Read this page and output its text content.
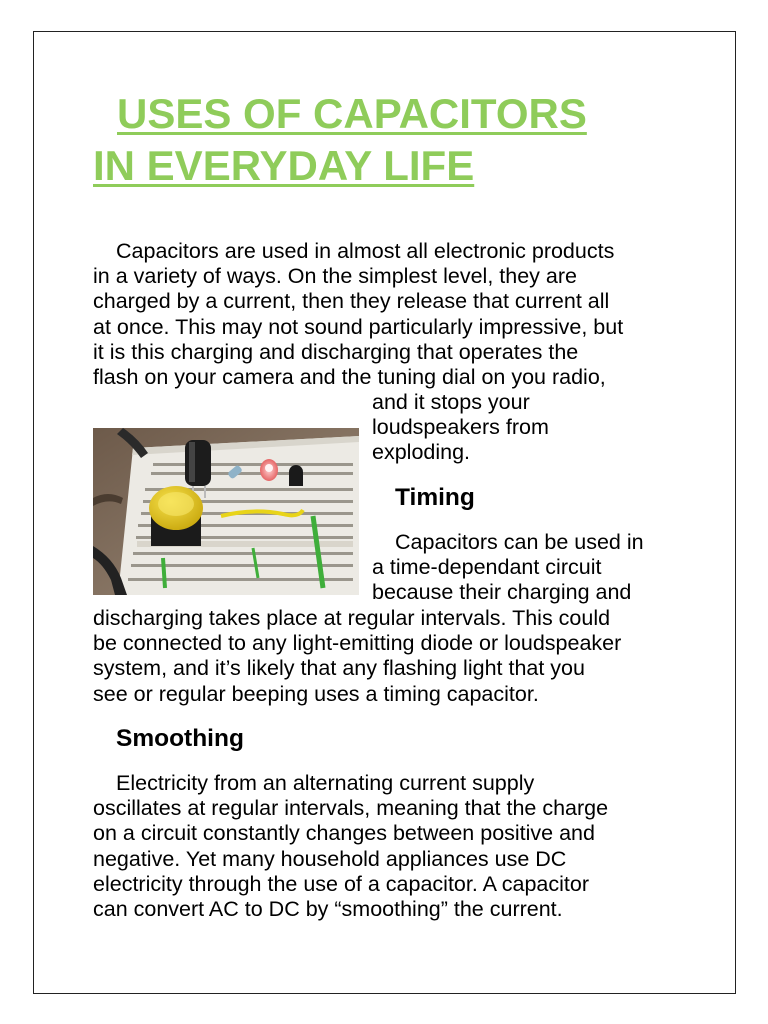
USES OF CAPACITORS
IN EVERYDAY LIFE
Capacitors are used in almost all electronic products
in a variety of ways. On the simplest level, they are
charged by a current, then they release that current all
at once. This may not sound particularly impressive, but
it is this charging and discharging that operates the
flash on your camera and the tuning dial on you radio,
and it stops your
loudspeakers from
exploding.
Timing
Capacitors can be used in
a time-dependant circuit
because their charging and
discharging takes place at regular intervals. This could
be connected to any light-emitting diode or loudspeaker
system, and it’s likely that any flashing light that you
see or regular beeping uses a timing capacitor.
Smoothing
Electricity from an alternating current supply
oscillates at regular intervals, meaning that the charge
on a circuit constantly changes between positive and
negative. Yet many household appliances use DC
electricity through the use of a capacitor. A capacitor
can convert AC to DC by “smoothing” the current.
